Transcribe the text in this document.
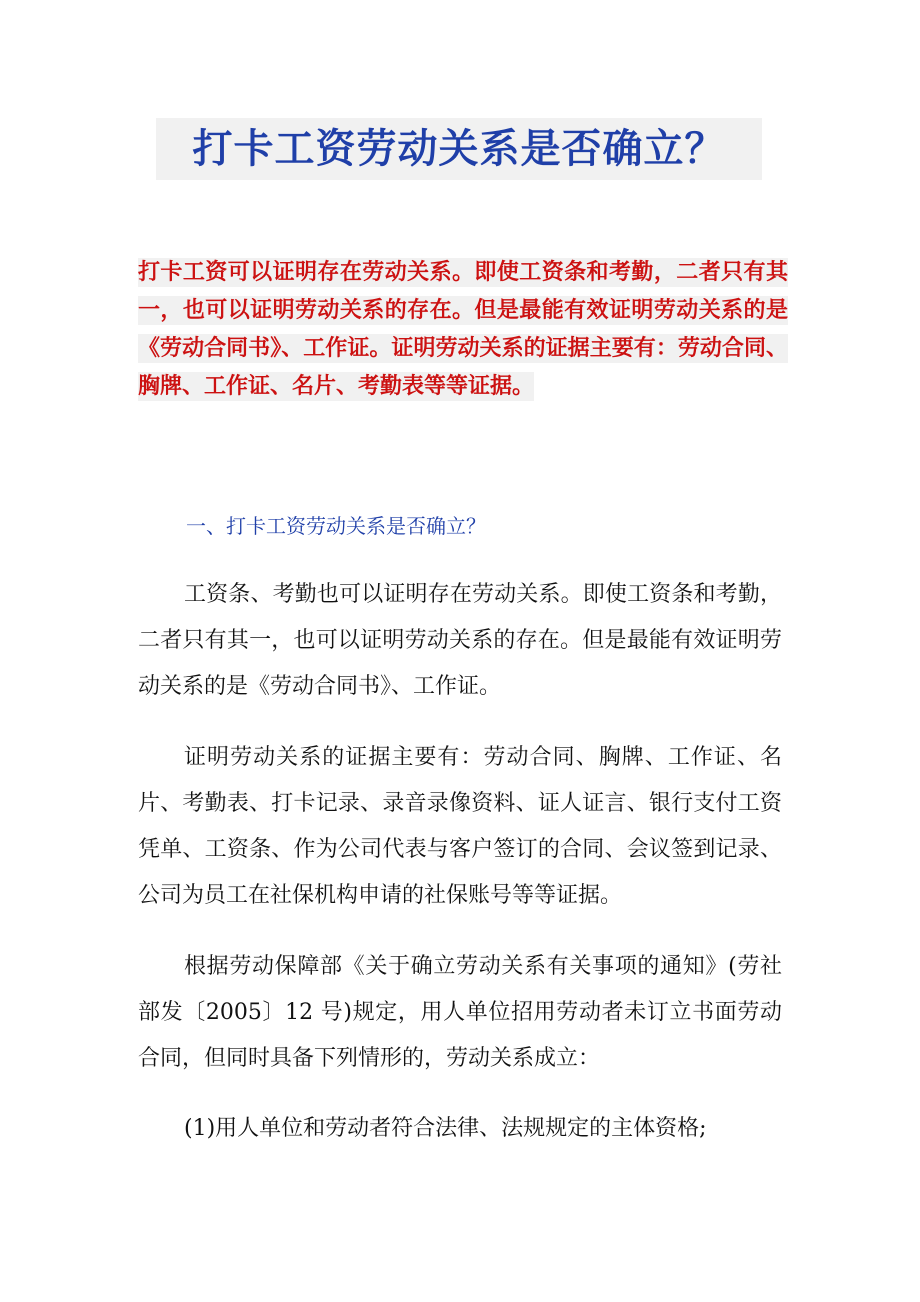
打卡工资劳动关系是否确立？
打卡工资可以证明存在劳动关系。即使工资条和考勤，二者只有其一，也可以证明劳动关系的存在。但是最能有效证明劳动关系的是《劳动合同书》、工作证。证明劳动关系的证据主要有：劳动合同、胸牌、工作证、名片、考勤表等等证据。
一、打卡工资劳动关系是否确立？
工资条、考勤也可以证明存在劳动关系。即使工资条和考勤，二者只有其一，也可以证明劳动关系的存在。但是最能有效证明劳动关系的是《劳动合同书》、工作证。
证明劳动关系的证据主要有：劳动合同、胸牌、工作证、名片、考勤表、打卡记录、录音录像资料、证人证言、银行支付工资凭单、工资条、作为公司代表与客户签订的合同、会议签到记录、公司为员工在社保机构申请的社保账号等等证据。
根据劳动保障部《关于确立劳动关系有关事项的通知》(劳社部发〔2005〕12 号)规定，用人单位招用劳动者未订立书面劳动合同，但同时具备下列情形的，劳动关系成立：
(1)用人单位和劳动者符合法律、法规规定的主体资格;
